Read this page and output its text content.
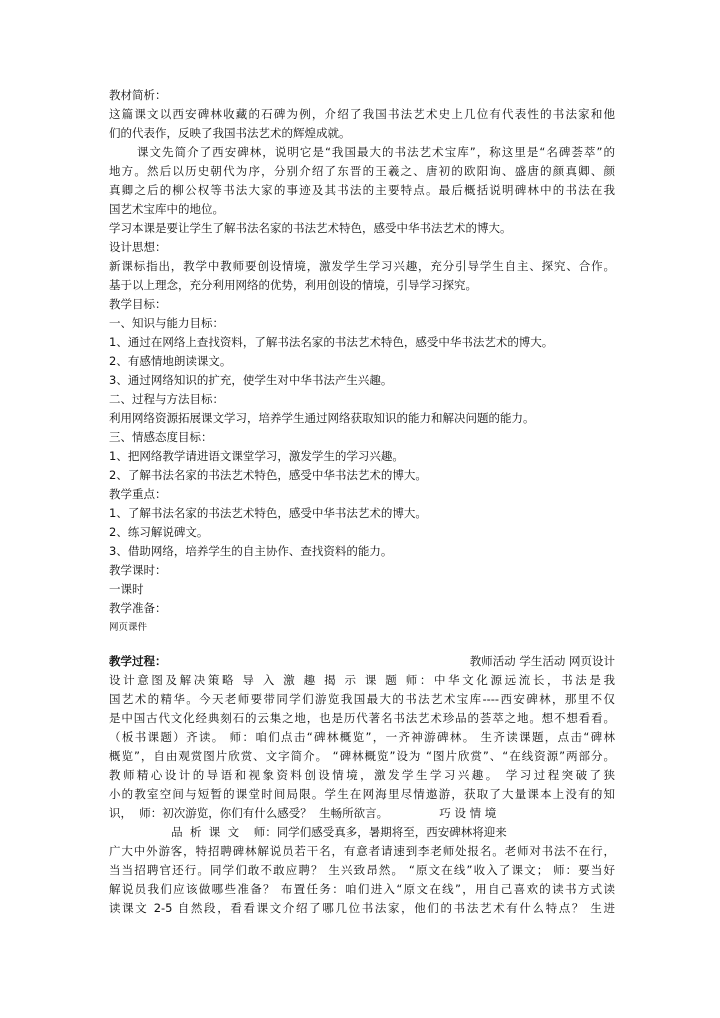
教材简析：
这篇课文以西安碑林收藏的石碑为例，介绍了我国书法艺术史上几位有代表性的书法家和他
们的代表作，反映了我国书法艺术的辉煌成就。
课文先简介了西安碑林，说明它是“我国最大的书法艺术宝库”，称这里是“名碑荟萃”的
地方。然后以历史朝代为序，分别介绍了东晋的王羲之、唐初的欧阳询、盛唐的颜真卿、颜
真卿之后的柳公权等书法大家的事迹及其书法的主要特点。最后概括说明碑林中的书法在我
国艺术宝库中的地位。
学习本课是要让学生了解书法名家的书法艺术特色，感受中华书法艺术的博大。
设计思想：
新课标指出，教学中教师要创设情境，激发学生学习兴趣，充分引导学生自主、探究、合作。
基于以上理念，充分利用网络的优势，利用创设的情境，引导学习探究。
教学目标：
一、知识与能力目标：
1、通过在网络上查找资料，了解书法名家的书法艺术特色，感受中华书法艺术的博大。
2、有感情地朗读课文。
3、通过网络知识的扩充，使学生对中华书法产生兴趣。
二、过程与方法目标：
利用网络资源拓展课文学习，培养学生通过网络获取知识的能力和解决问题的能力。
三、情感态度目标：
1、把网络教学请进语文课堂学习，激发学生的学习兴趣。
2、了解书法名家的书法艺术特色，感受中华书法艺术的博大。
教学重点：
1、了解书法名家的书法艺术特色，感受中华书法艺术的博大。
2、练习解说碑文。
3、借助网络，培养学生的自主协作、查找资料的能力。
教学课时：
一课时
教学准备：
网页课件
教学过程：	教师活动 学生活动 网页设计
设计意图及解决策略 导 入 激 趣 揭 示 课 题 师：中华文化源远流长，书法是我
国艺术的精华。今天老师要带同学们游览我国最大的书法艺术宝库----西安碑林，那里不仅
是中国古代文化经典刻石的云集之地，也是历代著名书法艺术珍品的荟萃之地。想不想看看。
（板书课题）齐读。 师：咱们点击“碑林概览”，一齐神游碑林。 生齐读课题，点击“碑林
概览”，自由观赏图片欣赏、文字简介。 “碑林概览”设为 “图片欣赏”、“在线资源”两部分。
教师精心设计的导语和视象资料创设情境，激发学生学习兴趣。 学习过程突破了狭
小的教室空间与短暂的课堂时间局限。学生在网海里尽情遨游，获取了大量课本上没有的知
识，  师：初次游览，你们有什么感受？  生畅所欲言。              巧 设 情 境
品  析  课  文    师：同学们感受真多，暑期将至，西安碑林将迎来
广大中外游客，特招聘碑林解说员若干名，有意者请速到李老师处报名。老师对书法不在行，
当当招聘官还行。同学们敢不敢应聘？ 生兴致昂然。 “原文在线”收入了课文； 师：要当好
解说员我们应该做哪些准备？ 布置任务：咱们进入“原文在线”，用自己喜欢的读书方式读
读课文 2-5 自然段，看看课文介绍了哪几位书法家，他们的书法艺术有什么特点？ 生进
